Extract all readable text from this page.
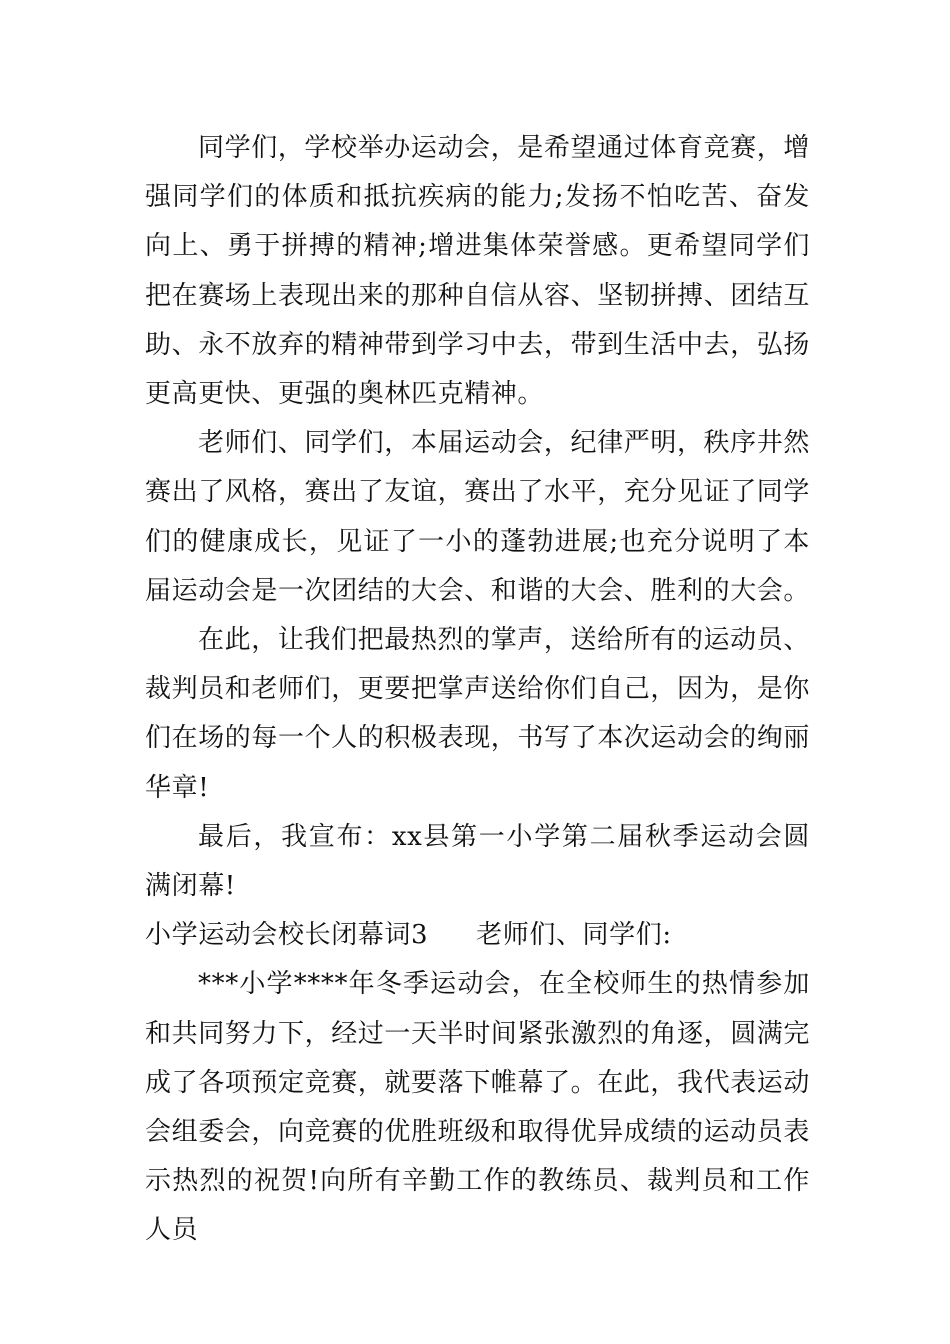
同学们，学校举办运动会，是希望通过体育竞赛，增强同学们的体质和抵抗疾病的能力;发扬不怕吃苦、奋发向上、勇于拼搏的精神;增进集体荣誉感。更希望同学们把在赛场上表现出来的那种自信从容、坚韧拼搏、团结互助、永不放弃的精神带到学习中去，带到生活中去，弘扬更高更快、更强的奥林匹克精神。

老师们、同学们，本届运动会，纪律严明，秩序井然赛出了风格，赛出了友谊，赛出了水平，充分见证了同学们的健康成长，见证了一小的蓬勃进展;也充分说明了本届运动会是一次团结的大会、和谐的大会、胜利的大会。

在此，让我们把最热烈的掌声，送给所有的运动员、裁判员和老师们，更要把掌声送给你们自己，因为，是你们在场的每一个人的积极表现，书写了本次运动会的绚丽华章!

最后，我宣布：xx县第一小学第二届秋季运动会圆满闭幕!

小学运动会校长闭幕词3 老师们、同学们:

***小学****年冬季运动会，在全校师生的热情参加和共同努力下，经过一天半时间紧张激烈的角逐，圆满完成了各项预定竞赛，就要落下帷幕了。在此，我代表运动会组委会，向竞赛的优胜班级和取得优异成绩的运动员表示热烈的祝贺!向所有辛勤工作的教练员、裁判员和工作人员
